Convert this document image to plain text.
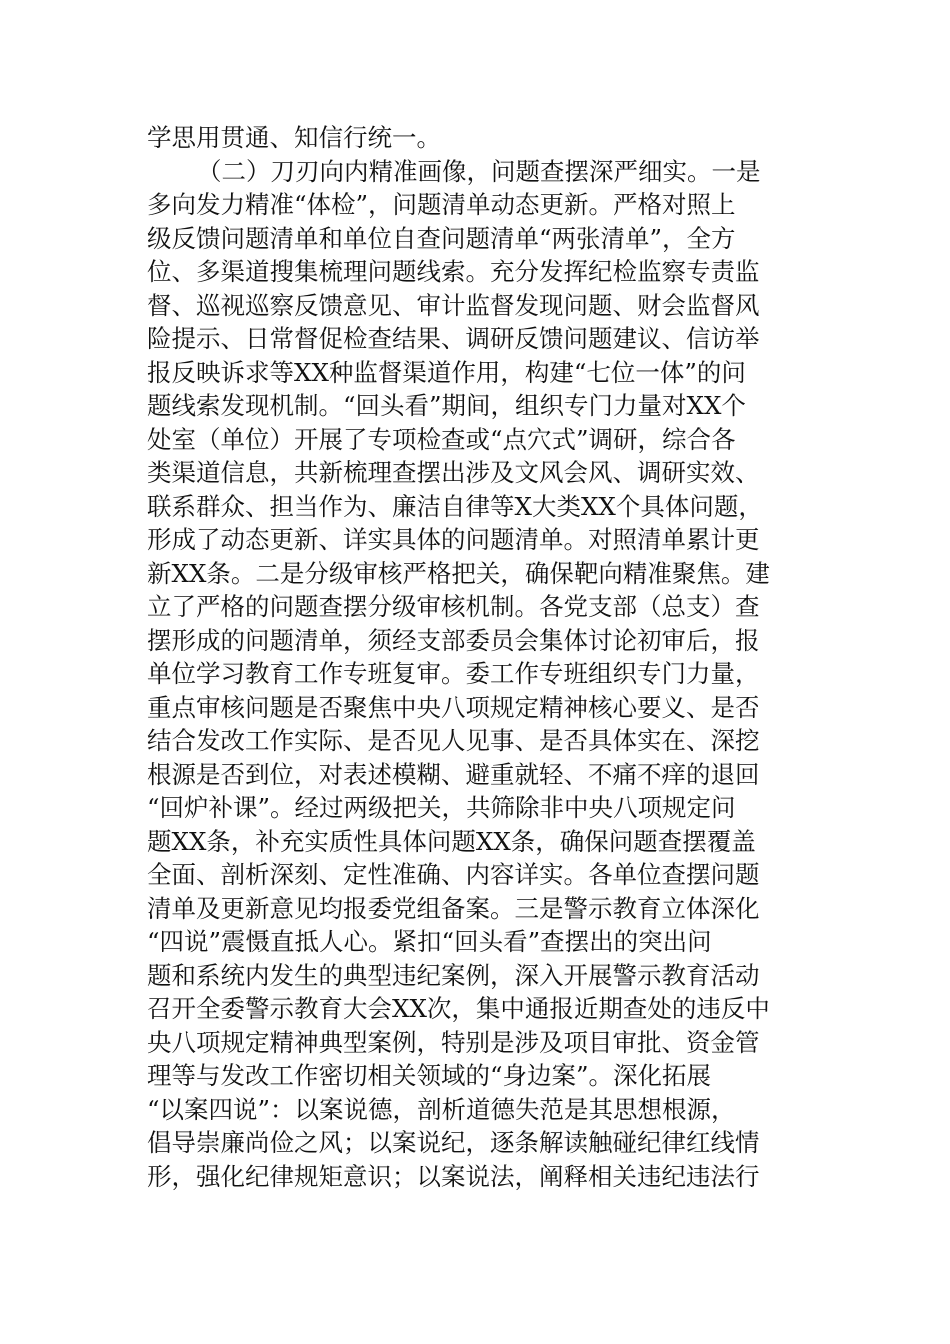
学思用贯通、知信行统一。
（二）刀刃向内精准画像，问题查摆深严细实。一是
多向发力精准“体检”，问题清单动态更新。严格对照上
级反馈问题清单和单位自查问题清单“两张清单”，全方
位、多渠道搜集梳理问题线索。充分发挥纪检监察专责监
督、巡视巡察反馈意见、审计监督发现问题、财会监督风
险提示、日常督促检查结果、调研反馈问题建议、信访举
报反映诉求等XX种监督渠道作用，构建“七位一体”的问
题线索发现机制。“回头看”期间，组织专门力量对XX个
处室（单位）开展了专项检查或“点穴式”调研，综合各
类渠道信息，共新梳理查摆出涉及文风会风、调研实效、
联系群众、担当作为、廉洁自律等X大类XX个具体问题，
形成了动态更新、详实具体的问题清单。对照清单累计更
新XX条。二是分级审核严格把关，确保靶向精准聚焦。建
立了严格的问题查摆分级审核机制。各党支部（总支）查
摆形成的问题清单，须经支部委员会集体讨论初审后，报
单位学习教育工作专班复审。委工作专班组织专门力量，
重点审核问题是否聚焦中央八项规定精神核心要义、是否
结合发改工作实际、是否见人见事、是否具体实在、深挖
根源是否到位，对表述模糊、避重就轻、不痛不痒的退回
“回炉补课”。经过两级把关，共筛除非中央八项规定问
题XX条，补充实质性具体问题XX条，确保问题查摆覆盖
全面、剖析深刻、定性准确、内容详实。各单位查摆问题
清单及更新意见均报委党组备案。三是警示教育立体深化
“四说”震慑直抵人心。紧扣“回头看”查摆出的突出问
题和系统内发生的典型违纪案例，深入开展警示教育活动
召开全委警示教育大会XX次，集中通报近期查处的违反中
央八项规定精神典型案例，特别是涉及项目审批、资金管
理等与发改工作密切相关领域的“身边案”。深化拓展
“以案四说”：以案说德，剖析道德失范是其思想根源，
倡导崇廉尚俭之风；以案说纪，逐条解读触碰纪律红线情
形，强化纪律规矩意识；以案说法，阐释相关违纪违法行
